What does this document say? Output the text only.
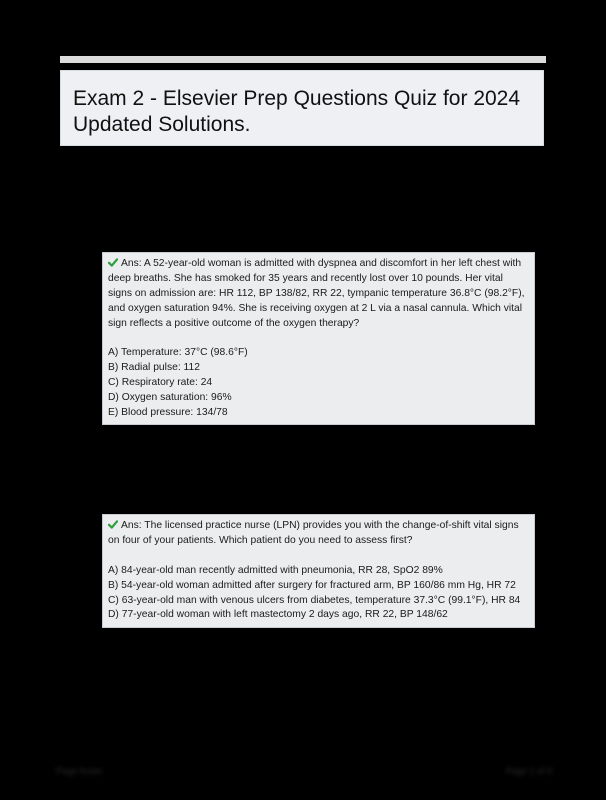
Exam 2 - Elsevier Prep Questions Quiz for 2024 Updated Solutions.
Ans: A 52-year-old woman is admitted with dyspnea and discomfort in her left chest with deep breaths. She has smoked for 35 years and recently lost over 10 pounds. Her vital signs on admission are: HR 112, BP 138/82, RR 22, tympanic temperature 36.8°C (98.2°F), and oxygen saturation 94%. She is receiving oxygen at 2 L via a nasal cannula. Which vital sign reflects a positive outcome of the oxygen therapy?
A) Temperature: 37°C (98.6°F)
B) Radial pulse: 112
C) Respiratory rate: 24
D) Oxygen saturation: 96%
E) Blood pressure: 134/78
Ans: The licensed practice nurse (LPN) provides you with the change-of-shift vital signs on four of your patients. Which patient do you need to assess first?
A) 84-year-old man recently admitted with pneumonia, RR 28, SpO2 89%
B) 54-year-old woman admitted after surgery for fractured arm, BP 160/86 mm Hg, HR 72
C) 63-year-old man with venous ulcers from diabetes, temperature 37.3°C (99.1°F), HR 84
D) 77-year-old woman with left mastectomy 2 days ago, RR 22, BP 148/62
Page footer	Page 1 of 8
